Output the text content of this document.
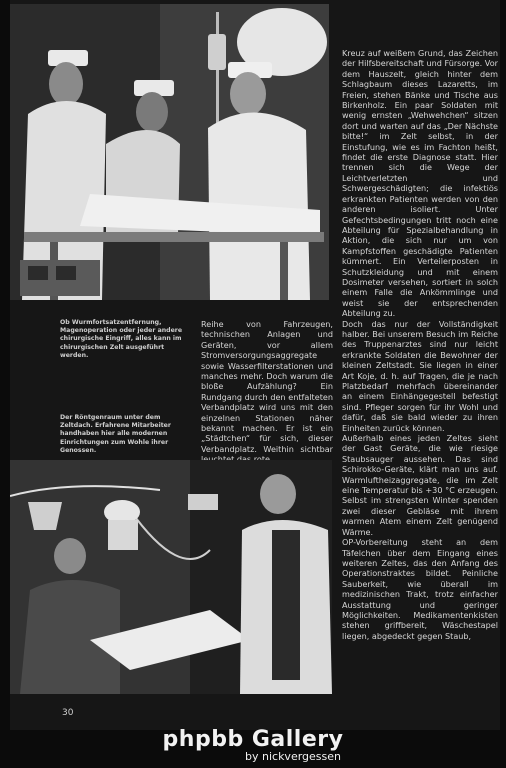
Ob Wurmfortsatzentfernung, Magenoperation oder jeder andere chirurgische Eingriff, alles kann im chirurgischen Zelt ausgeführt werden.
Der Röntgenraum unter dem Zeltdach. Erfahrene Mitarbeiter handhaben hier alle modernen Einrichtungen zum Wohle ihrer Genossen.
Reihe von Fahrzeugen, technischen Anlagen und Geräten, vor allem Stromversorgungsaggregate sowie Wasserfilterstationen und manches mehr. Doch warum die bloße Aufzählung? Ein Rundgang durch den entfalteten Verbandplatz wird uns mit den einzelnen Stationen näher bekannt machen. Er ist ein „Städtchen“ für sich, dieser Verbandplatz. Weithin sichtbar

Kreuz auf weißem Grund, das Zeichen der Hilfsbereitschaft und Fürsorge. Vor dem Hauszelt, gleich hinter dem Schlagbaum dieses Lazaretts, im Freien, stehen Bänke und Tische aus Birkenholz. Ein paar Soldaten mit wenig ernsten „Wehwehchen“ sitzen dort und warten auf das „Der Nächste bitte!“ im Zelt selbst, in der Einstufung, wie es im Fachton heißt, findet die erste Diagnose statt. Hier trennen sich die Wege der Leichtverletzten und Schwergeschädigten; die infektiös erkrankten Patienten werden von den anderen isoliert. Unter Gefechtsbedingungen tritt noch eine Abteilung für Spezialbehandlung in Aktion, die sich nur um von Kampfstoffen geschädigte Patienten kümmert. Ein Verteilerposten in Schutzkleidung und mit einem Dosimeter versehen, sortiert in solch einem Falle die Ankömmlinge und weist sie der entsprechenden Abteilung zu.

Doch das nur der Vollständigkeit halber. Bei unserem Besuch im Reiche des Truppenarztes sind nur leicht erkrankte Soldaten die Bewohner der kleinen Zeltstadt. Sie liegen in einer Art Koje, d. h. auf Tragen, die je nach Platzbedarf mehrfach übereinander an einem Einhängegestell befestigt sind. Pfleger sorgen für ihr Wohl und dafür, daß sie bald wieder zu ihren Einheiten zurück können.

Außerhalb eines jeden Zeltes sieht der Gast Geräte, die wie riesige Staubsauger aussehen. Das sind Schirokko-Geräte, klärt man uns auf. Warmluftheizaggregate, die im Zelt eine Temperatur bis +30 °C erzeugen. Selbst im strengsten Winter spenden zwei dieser Gebläse mit ihrem warmen Atem einem Zelt genügend Wärme.

OP-Vorbereitung steht an dem Täfelchen über dem Eingang eines weiteren Zeltes, das den Anfang des Operationstraktes bildet. Peinliche Sauberkeit, wie überall im medizinischen Trakt, trotz einfacher Ausstattung und geringer Möglichkeiten. Medikamentenkisten stehen griffbereit, Wäschestapel liegen, abgedeckt gegen Staub,

30
phpbb Gallery
by nickvergessen
